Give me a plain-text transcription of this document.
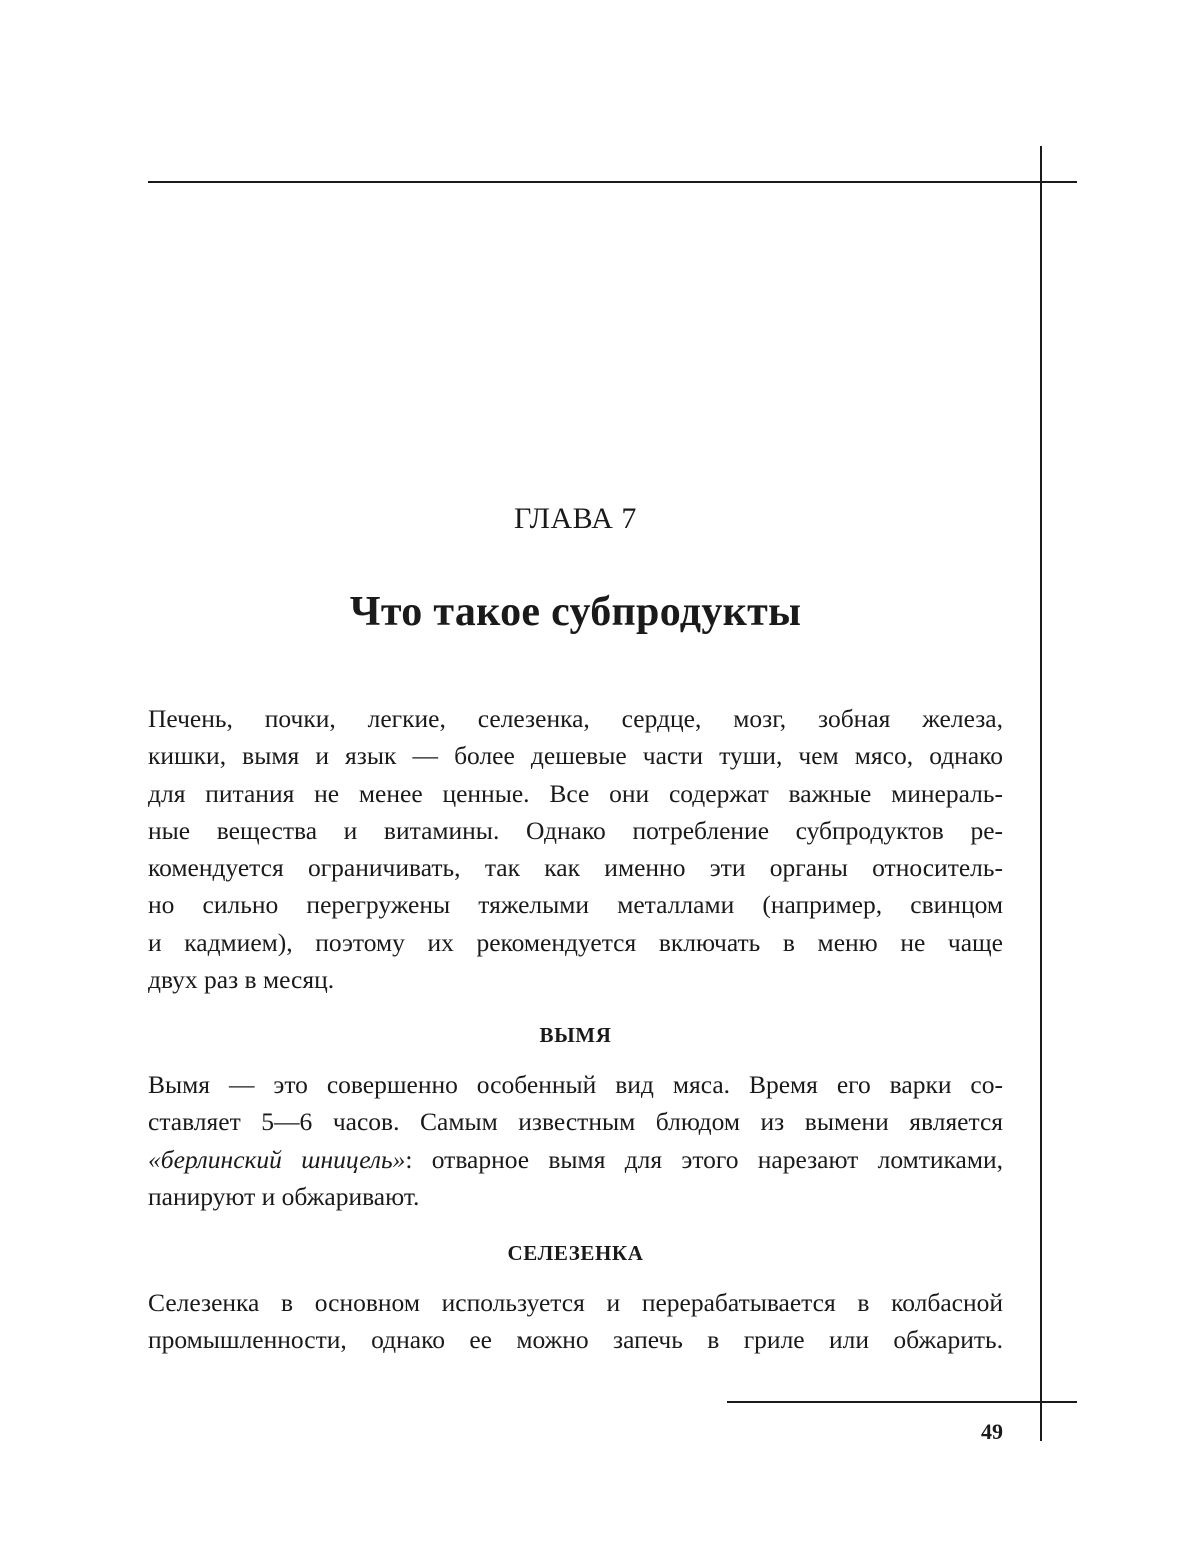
ГЛАВА 7
Что такое субпродукты

Печень, почки, легкие, селезенка, сердце, мозг, зобная железа,
кишки, вымя и язык — более дешевые части туши, чем мясо, однако
для питания не менее ценные. Все они содержат важные минераль-
ные вещества и витамины. Однако потребление субпродуктов ре-
комендуется ограничивать, так как именно эти органы относитель-
но сильно перегружены тяжелыми металлами (например, свинцом
и кадмием), поэтому их рекомендуется включать в меню не чаще
двух раз в месяц.

ВЫМЯ

Вымя — это совершенно особенный вид мяса. Время его варки со-
ставляет 5—6 часов. Самым известным блюдом из вымени является
«берлинский шницель»: отварное вымя для этого нарезают ломтиками,
панируют и обжаривают.

СЕЛЕЗЕНКА

Селезенка в основном используется и перерабатывается в колбасной
промышленности, однако ее можно запечь в гриле или обжарить.

49
